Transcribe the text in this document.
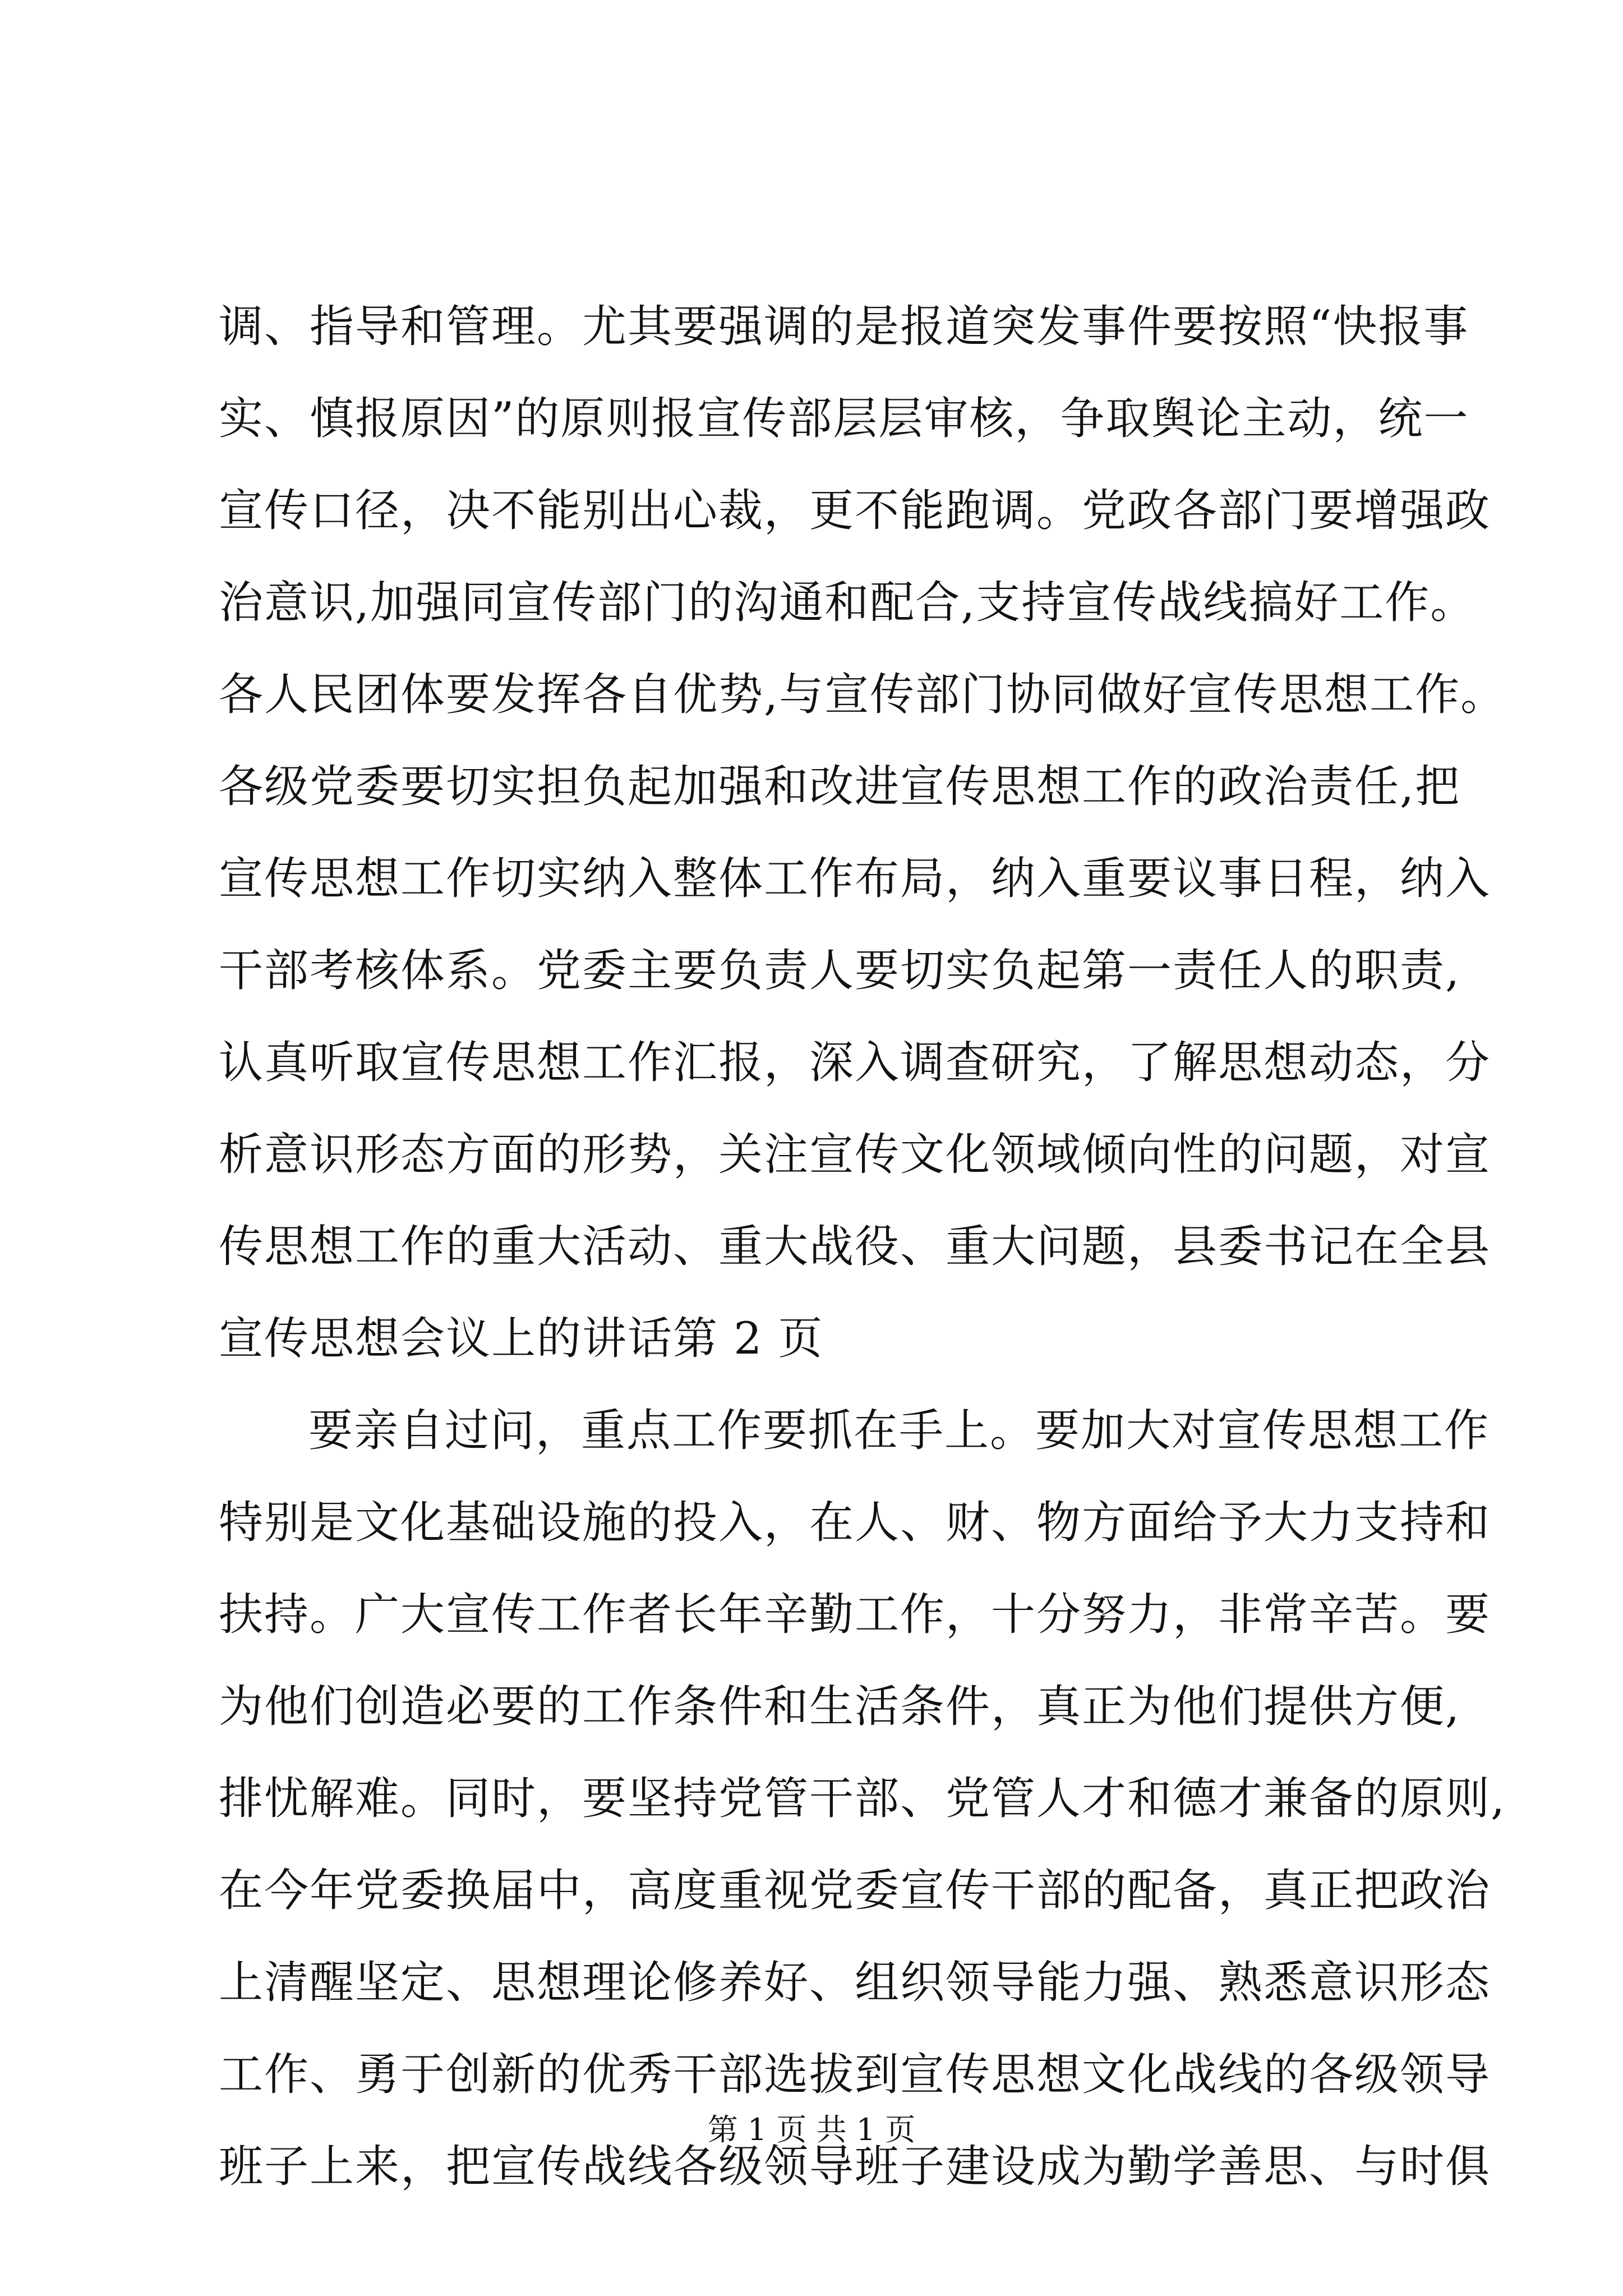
调、指导和管理。尤其要强调的是报道突发事件要按照“快报事
实、慎报原因”的原则报宣传部层层审核，争取舆论主动，统一
宣传口径，决不能别出心裁，更不能跑调。党政各部门要增强政
治意识,加强同宣传部门的沟通和配合,支持宣传战线搞好工作。
各人民团体要发挥各自优势,与宣传部门协同做好宣传思想工作。
各级党委要切实担负起加强和改进宣传思想工作的政治责任,把
宣传思想工作切实纳入整体工作布局，纳入重要议事日程，纳入
干部考核体系。党委主要负责人要切实负起第一责任人的职责,
认真听取宣传思想工作汇报，深入调查研究，了解思想动态，分
析意识形态方面的形势，关注宣传文化领域倾向性的问题，对宣
传思想工作的重大活动、重大战役、重大问题，县委书记在全县
宣传思想会议上的讲话第 2 页
要亲自过问，重点工作要抓在手上。要加大对宣传思想工作
特别是文化基础设施的投入，在人、财、物方面给予大力支持和
扶持。广大宣传工作者长年辛勤工作，十分努力，非常辛苦。要
为他们创造必要的工作条件和生活条件，真正为他们提供方便,
排忧解难。同时，要坚持党管干部、党管人才和德才兼备的原则,
在今年党委换届中，高度重视党委宣传干部的配备，真正把政治
上清醒坚定、思想理论修养好、组织领导能力强、熟悉意识形态
工作、勇于创新的优秀干部选拔到宣传思想文化战线的各级领导
班子上来，把宣传战线各级领导班子建设成为勤学善思、与时俱
第 1 页 共 1 页
